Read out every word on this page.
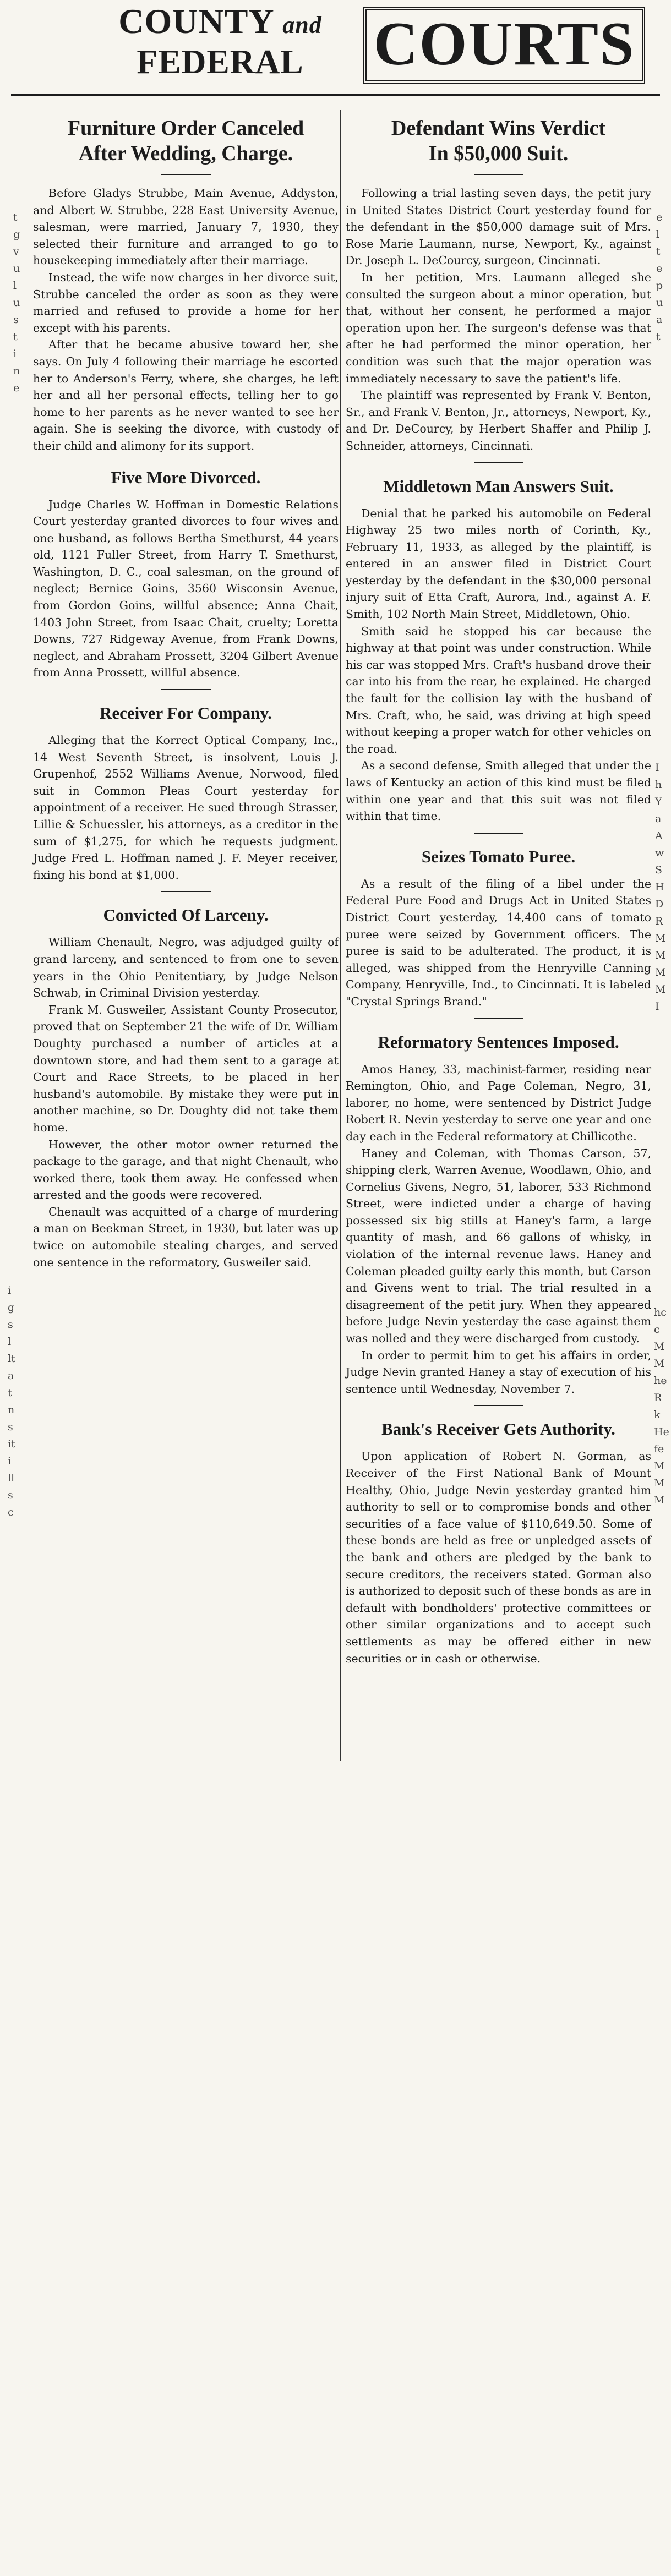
COUNTY and
FEDERAL	COURTS
t
g
v
u
l
u
s
t
i
n
e
i
g
s
l
lt
a
t
n
s
it
i
ll
s
c
e
l
t
e
p
u
a
t
I
h
Y
a
A
w
S
H
D
R
M
M
M
M
I
hc
c
M
M
he
R
k
He
fe
M
M
M
Furniture Order Canceled
After Wedding, Charge.

Before Gladys Strubbe, Main Avenue, Addyston, and Albert W. Strubbe, 228 East University Avenue, salesman, were married, January 7, 1930, they selected their furniture and arranged to go to housekeeping immediately after their marriage.

Instead, the wife now charges in her divorce suit, Strubbe canceled the order as soon as they were married and refused to provide a home for her except with his parents.

After that he became abusive toward her, she says. On July 4 following their marriage he escorted her to Anderson's Ferry, where, she charges, he left her and all her personal effects, telling her to go home to her parents as he never wanted to see her again. She is seeking the divorce, with custody of their child and alimony for its support.

Five More Divorced.

Judge Charles W. Hoffman in Domestic Relations Court yesterday granted divorces to four wives and one husband, as follows Bertha Smethurst, 44 years old, 1121 Fuller Street, from Harry T. Smethurst, Washington, D. C., coal salesman, on the ground of neglect; Bernice Goins, 3560 Wisconsin Avenue, from Gordon Goins, willful absence; Anna Chait, 1403 John Street, from Isaac Chait, cruelty; Loretta Downs, 727 Ridgeway Avenue, from Frank Downs, neglect, and Abraham Prossett, 3204 Gilbert Avenue from Anna Prossett, willful absence.

Receiver For Company.

Alleging that the Korrect Optical Company, Inc., 14 West Seventh Street, is insolvent, Louis J. Grupenhof, 2552 Williams Avenue, Norwood, filed suit in Common Pleas Court yesterday for appointment of a receiver. He sued through Strasser, Lillie & Schuessler, his attorneys, as a creditor in the sum of $1,275, for which he requests judgment. Judge Fred L. Hoffman named J. F. Meyer receiver, fixing his bond at $1,000.

Convicted Of Larceny.

William Chenault, Negro, was adjudged guilty of grand larceny, and sentenced to from one to seven years in the Ohio Penitentiary, by Judge Nelson Schwab, in Criminal Division yesterday.

Frank M. Gusweiler, Assistant County Prosecutor, proved that on September 21 the wife of Dr. William Doughty purchased a number of articles at a downtown store, and had them sent to a garage at Court and Race Streets, to be placed in her husband's automobile. By mistake they were put in another machine, so Dr. Doughty did not take them home.

However, the other motor owner returned the package to the garage, and that night Chenault, who worked there, took them away. He confessed when arrested and the goods were recovered.

Chenault was acquitted of a charge of murdering a man on Beekman Street, in 1930, but later was up twice on automobile stealing charges, and served one sentence in the reformatory, Gusweiler said.

Defendant Wins Verdict
In $50,000 Suit.

Following a trial lasting seven days, the petit jury in United States District Court yesterday found for the defendant in the $50,000 damage suit of Mrs. Rose Marie Laumann, nurse, Newport, Ky., against Dr. Joseph L. DeCourcy, surgeon, Cincinnati.

In her petition, Mrs. Laumann alleged she consulted the surgeon about a minor operation, but that, without her consent, he performed a major operation upon her. The surgeon's defense was that after he had performed the minor operation, her condition was such that the major operation was immediately necessary to save the patient's life.

The plaintiff was represented by Frank V. Benton, Sr., and Frank V. Benton, Jr., attorneys, Newport, Ky., and Dr. DeCourcy, by Herbert Shaffer and Philip J. Schneider, attorneys, Cincinnati.

Middletown Man Answers Suit.

Denial that he parked his automobile on Federal Highway 25 two miles north of Corinth, Ky., February 11, 1933, as alleged by the plaintiff, is entered in an answer filed in District Court yesterday by the defendant in the $30,000 personal injury suit of Etta Craft, Aurora, Ind., against A. F. Smith, 102 North Main Street, Middletown, Ohio.

Smith said he stopped his car because the highway at that point was under construction. While his car was stopped Mrs. Craft's husband drove their car into his from the rear, he explained. He charged the fault for the collision lay with the husband of Mrs. Craft, who, he said, was driving at high speed without keeping a proper watch for other vehicles on the road.

As a second defense, Smith alleged that under the laws of Kentucky an action of this kind must be filed within one year and that this suit was not filed within that time.

Seizes Tomato Puree.

As a result of the filing of a libel under the Federal Pure Food and Drugs Act in United States District Court yesterday, 14,400 cans of tomato puree were seized by Government officers. The puree is said to be adulterated. The product, it is alleged, was shipped from the Henryville Canning Company, Henryville, Ind., to Cincinnati. It is labeled "Crystal Springs Brand."

Reformatory Sentences Imposed.

Amos Haney, 33, machinist-farmer, residing near Remington, Ohio, and Page Coleman, Negro, 31, laborer, no home, were sentenced by District Judge Robert R. Nevin yesterday to serve one year and one day each in the Federal reformatory at Chillicothe.

Haney and Coleman, with Thomas Carson, 57, shipping clerk, Warren Avenue, Woodlawn, Ohio, and Cornelius Givens, Negro, 51, laborer, 533 Richmond Street, were indicted under a charge of having possessed six big stills at Haney's farm, a large quantity of mash, and 66 gallons of whisky, in violation of the internal revenue laws. Haney and Coleman pleaded guilty early this month, but Carson and Givens went to trial. The trial resulted in a disagreement of the petit jury. When they appeared before Judge Nevin yesterday the case against them was nolled and they were discharged from custody.

In order to permit him to get his affairs in order, Judge Nevin granted Haney a stay of execution of his sentence until Wednesday, November 7.

Bank's Receiver Gets Authority.

Upon application of Robert N. Gorman, as Receiver of the First National Bank of Mount Healthy, Ohio, Judge Nevin yesterday granted him authority to sell or to compromise bonds and other securities of a face value of $110,649.50. Some of these bonds are held as free or unpledged assets of the bank and others are pledged by the bank to secure creditors, the receivers stated. Gorman also is authorized to deposit such of these bonds as are in default with bondholders' protective committees or other similar organizations and to accept such settlements as may be offered either in new securities or in cash or otherwise.
